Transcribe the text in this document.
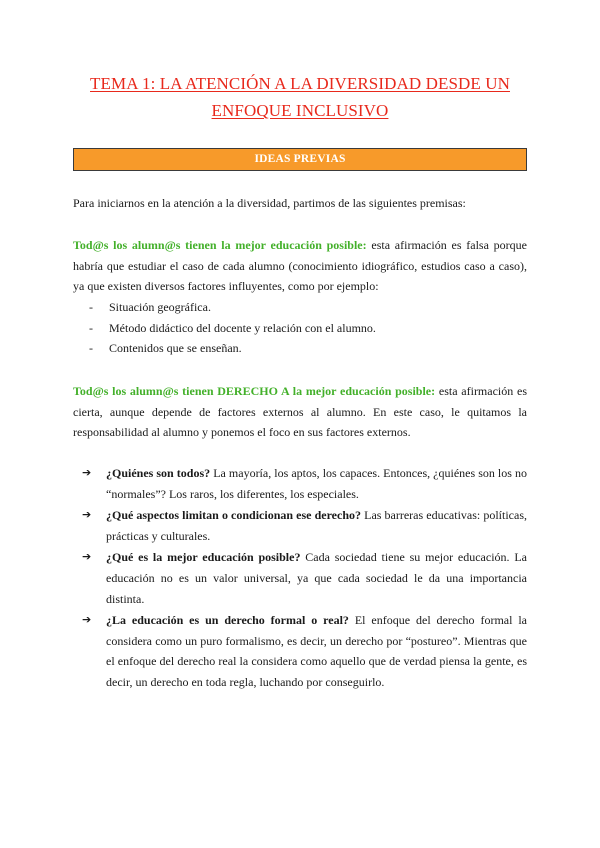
TEMA 1: LA ATENCIÓN A LA DIVERSIDAD DESDE UN
ENFOQUE INCLUSIVO
IDEAS PREVIAS
Para iniciarnos en la atención a la diversidad, partimos de las siguientes premisas:
Tod@s los alumn@s tienen la mejor educación posible: esta afirmación es falsa porque habría que estudiar el caso de cada alumno (conocimiento idiográfico, estudios caso a caso), ya que existen diversos factores influyentes, como por ejemplo:
- Situación geográfica.
- Método didáctico del docente y relación con el alumno.
- Contenidos que se enseñan.
Tod@s los alumn@s tienen DERECHO A la mejor educación posible: esta afirmación es cierta, aunque depende de factores externos al alumno. En este caso, le quitamos la responsabilidad al alumno y ponemos el foco en sus factores externos.
➔ ¿Quiénes son todos? La mayoría, los aptos, los capaces. Entonces, ¿quiénes son los no “normales”? Los raros, los diferentes, los especiales.
➔ ¿Qué aspectos limitan o condicionan ese derecho? Las barreras educativas: políticas, prácticas y culturales.
➔ ¿Qué es la mejor educación posible? Cada sociedad tiene su mejor educación. La educación no es un valor universal, ya que cada sociedad le da una importancia distinta.
➔ ¿La educación es un derecho formal o real? El enfoque del derecho formal la considera como un puro formalismo, es decir, un derecho por “postureo”. Mientras que el enfoque del derecho real la considera como aquello que de verdad piensa la gente, es decir, un derecho en toda regla, luchando por conseguirlo.
